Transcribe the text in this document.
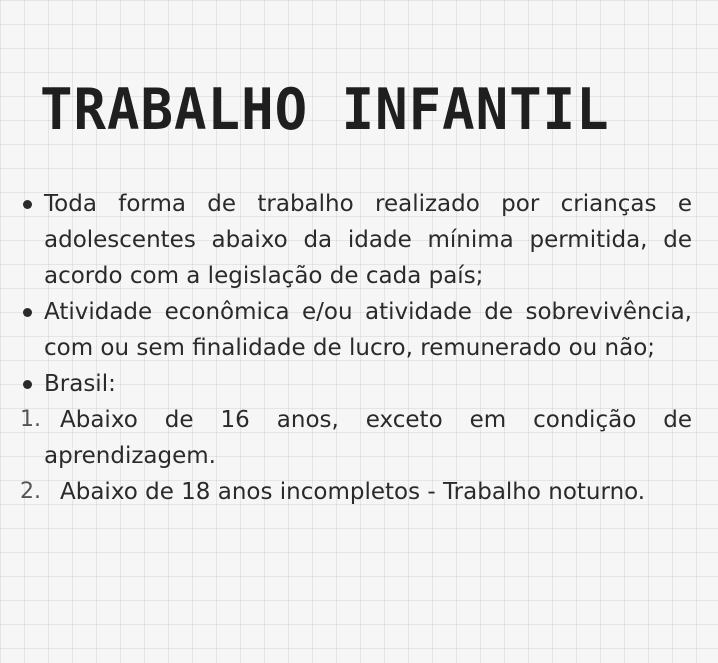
TRABALHO INFANTIL
Toda forma de trabalho realizado por crianças e adolescentes abaixo da idade mínima permitida, de acordo com a legislação de cada país;
Atividade econômica e/ou atividade de sobrevivência, com ou sem finalidade de lucro, remunerado ou não;
Brasil:
1. Abaixo de 16 anos, exceto em condição de aprendizagem.
2. Abaixo de 18 anos incompletos - Trabalho noturno.
